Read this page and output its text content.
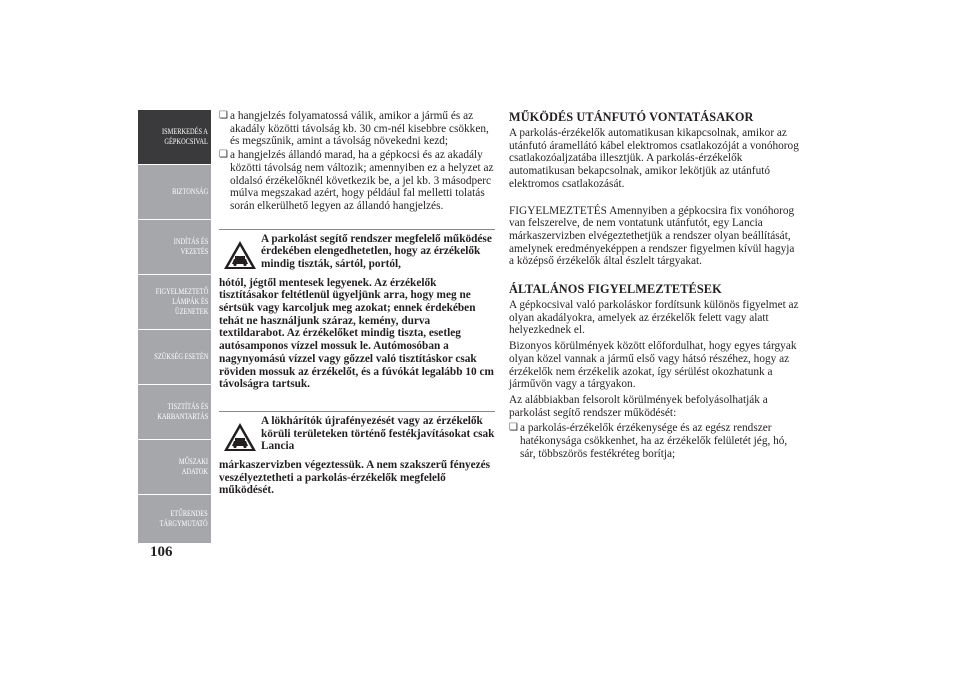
ISMERKEDÉS A
GÉPKOCSIVAL
BIZTONSÁG
INDÍTÁS ÉS
VEZETÉS
FIGYELMEZTETŐ
LÁMPÁK ÉS
ÜZENETEK
SZÜKSÉG ESETÉN
TISZTÍTÁS ÉS
KARBANTARTÁS
MŰSZAKI ADATOK
ETŰRENDES
TÁRGYMUTATÓ
106
❏ a hangjelzés folyamatossá válik, amikor a jármű és az akadály közötti távolság kb. 30 cm-nél kisebbre csökken, és megszűnik, amint a távolság növekedni kezd;
❏ a hangjelzés állandó marad, ha a gépkocsi és az akadály közötti távolság nem változik; amennyiben ez a helyzet az oldalsó érzékelőknél következik be, a jel kb. 3 másodperc múlva megszakad azért, hogy például fal melletti tolatás során elkerülhető legyen az állandó hangjelzés.
A parkolást segítő rendszer megfelelő működése érdekében elengedhetetlen, hogy az érzékelők mindig tiszták, sártól, portól,
hótól, jégtől mentesek legyenek. Az érzékelők tisztításakor feltétlenül ügyeljünk arra, hogy meg ne sértsük vagy karcoljuk meg azokat; ennek érdekében tehát ne használjunk száraz, kemény, durva textildarabot. Az érzékelőket mindig tiszta, esetleg autósamponos vízzel mossuk le. Autómosóban a nagynyomású vízzel vagy gőzzel való tisztításkor csak röviden mossuk az érzékelőt, és a fúvókát legalább 10 cm távolságra tartsuk.
A lökhárítók újrafényezését vagy az érzékelők körüli területeken történő festékjavításokat csak Lancia
márkaszervizben végeztessük. A nem szakszerű fényezés veszélyeztetheti a parkolás-érzékelők megfelelő működését.
MŰKÖDÉS UTÁNFUTÓ VONTATÁSAKOR

A parkolás-érzékelők automatikusan kikapcsolnak, amikor az utánfutó áramellátó kábel elektromos csatlakozóját a vonóhorog csatlakozóaljzatába illesztjük. A parkolás-érzékelők automatikusan bekapcsolnak, amikor lekötjük az utánfutó elektromos csatlakozását.

FIGYELMEZTETÉS Amennyiben a gépkocsira fix vonóhorog van felszerelve, de nem vontatunk utánfutót, egy Lancia márkaszervizben elvégeztethetjük a rendszer olyan beállítását, amelynek eredményeképpen a rendszer figyelmen kívül hagyja a középső érzékelők által észlelt tárgyakat.

ÁLTALÁNOS FIGYELMEZTETÉSEK

A gépkocsival való parkoláskor fordítsunk különös figyelmet az olyan akadályokra, amelyek az érzékelők felett vagy alatt helyezkednek el.

Bizonyos körülmények között előfordulhat, hogy egyes tárgyak olyan közel vannak a jármű első vagy hátsó részéhez, hogy az érzékelők nem érzékelik azokat, így sérülést okozhatunk a járművön vagy a tárgyakon.

Az alábbiakban felsorolt körülmények befolyásolhatják a parkolást segítő rendszer működését:

❏ a parkolás-érzékelők érzékenysége és az egész rendszer hatékonysága csökkenhet, ha az érzékelők felületét jég, hó, sár, többszörös festékréteg borítja;
